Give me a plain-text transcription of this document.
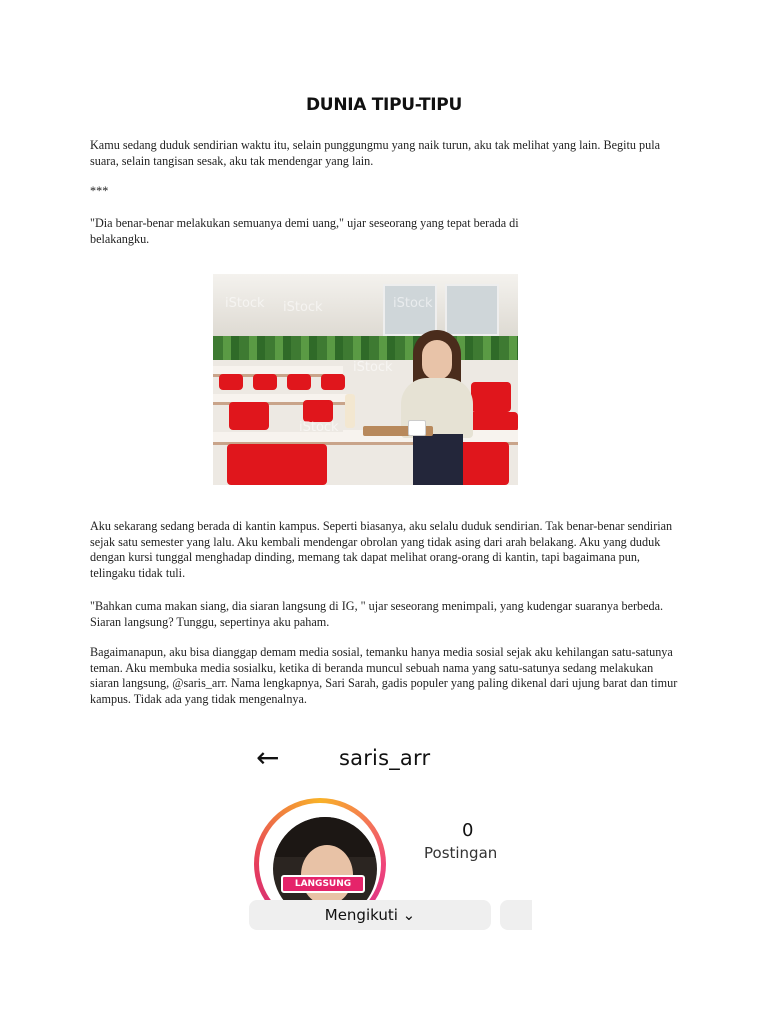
DUNIA TIPU-TIPU

Kamu sedang duduk sendirian waktu itu, selain punggungmu yang naik turun, aku tak melihat yang lain. Begitu pula suara, selain tangisan sesak, aku tak mendengar yang lain.

***

"Dia benar-benar melakukan semuanya demi uang," ujar seseorang yang tepat berada di belakangku.

iStock iStock	iStock
iStock
iStock

Aku sekarang sedang berada di kantin kampus. Seperti biasanya, aku selalu duduk sendirian. Tak benar-benar sendirian sejak satu semester yang lalu. Aku kembali mendengar obrolan yang tidak asing dari arah belakang. Aku yang duduk dengan kursi tunggal menghadap dinding, memang tak dapat melihat orang-orang di kantin, tapi bagaimana pun, telingaku tidak tuli.

"Bahkan cuma makan siang, dia siaran langsung di IG, " ujar seseorang menimpali, yang kudengar suaranya berbeda. Siaran langsung? Tunggu, sepertinya aku paham.

Bagaimanapun, aku bisa dianggap demam media sosial, temanku hanya media sosial sejak aku kehilangan satu-satunya teman. Aku membuka media sosialku, ketika di beranda muncul sebuah nama yang satu-satunya sedang melakukan siaran langsung, @saris_arr. Nama lengkapnya, Sari Sarah, gadis populer yang paling dikenal dari ujung barat dan timur kampus. Tidak ada yang tidak mengenalnya.

←	saris_arr
LANGSUNG
0
Postingan
Mengikuti ⌄
